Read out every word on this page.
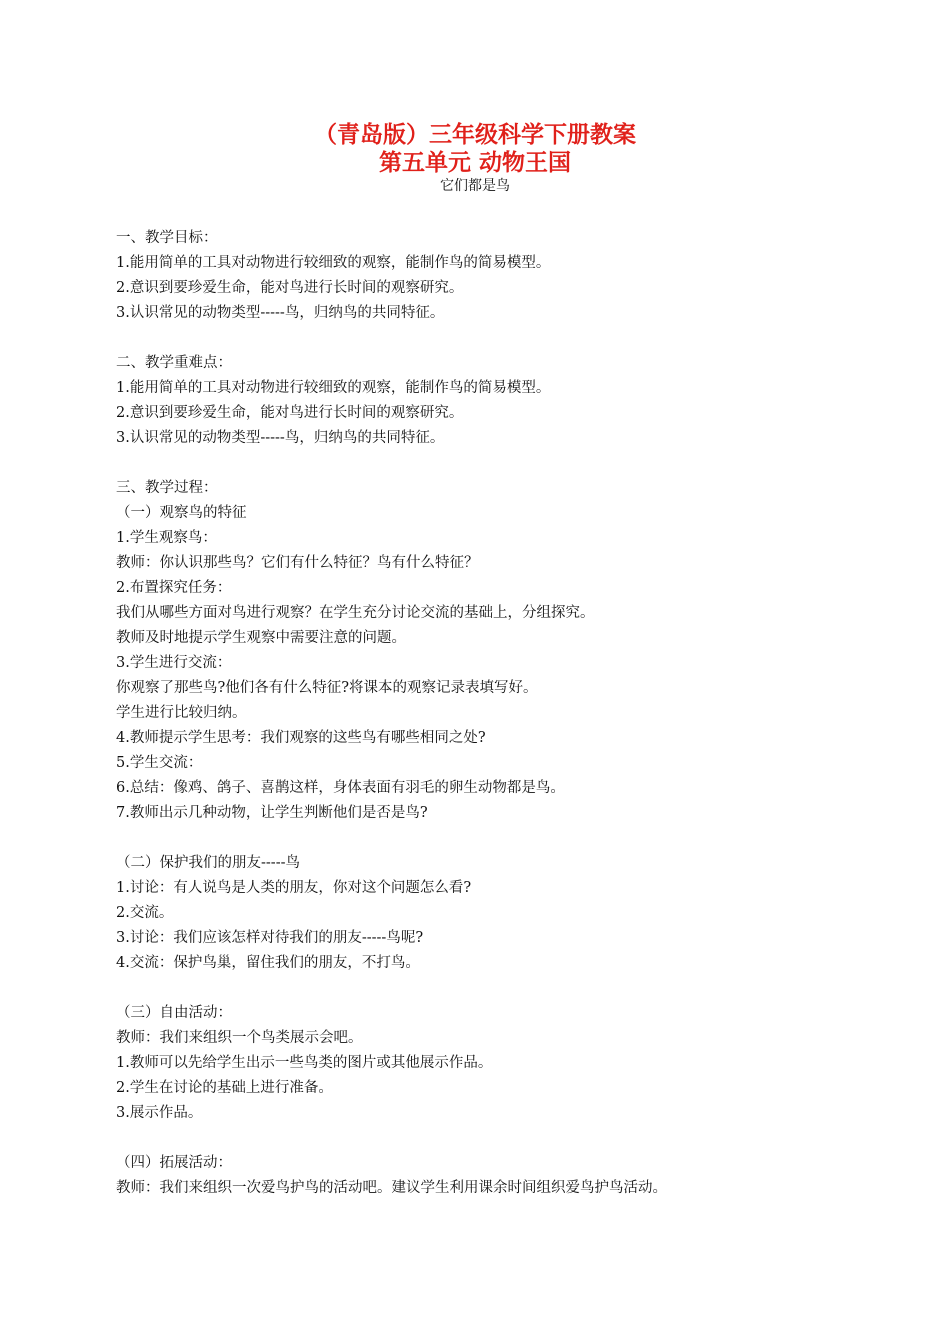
（青岛版）三年级科学下册教案
第五单元 动物王国
它们都是鸟
一、教学目标：
1.能用简单的工具对动物进行较细致的观察，能制作鸟的简易模型。
2.意识到要珍爱生命，能对鸟进行长时间的观察研究。
3.认识常见的动物类型-----鸟，归纳鸟的共同特征。
二、教学重难点：
1.能用简单的工具对动物进行较细致的观察，能制作鸟的简易模型。
2.意识到要珍爱生命，能对鸟进行长时间的观察研究。
3.认识常见的动物类型-----鸟，归纳鸟的共同特征。
三、教学过程：
（一）观察鸟的特征
1.学生观察鸟：
教师：你认识那些鸟？它们有什么特征？鸟有什么特征？
2.布置探究任务：
我们从哪些方面对鸟进行观察？在学生充分讨论交流的基础上，分组探究。
教师及时地提示学生观察中需要注意的问题。
3.学生进行交流：
你观察了那些鸟?他们各有什么特征?将课本的观察记录表填写好。
学生进行比较归纳。
4.教师提示学生思考：我们观察的这些鸟有哪些相同之处?
5.学生交流：
6.总结：像鸡、鸽子、喜鹊这样，身体表面有羽毛的卵生动物都是鸟。
7.教师出示几种动物，让学生判断他们是否是鸟?
（二）保护我们的朋友-----鸟
1.讨论：有人说鸟是人类的朋友，你对这个问题怎么看?
2.交流。
3.讨论：我们应该怎样对待我们的朋友-----鸟呢?
4.交流：保护鸟巢，留住我们的朋友，不打鸟。
（三）自由活动：
教师：我们来组织一个鸟类展示会吧。
1.教师可以先给学生出示一些鸟类的图片或其他展示作品。
2.学生在讨论的基础上进行准备。
3.展示作品。
（四）拓展活动：
教师：我们来组织一次爱鸟护鸟的活动吧。建议学生利用课余时间组织爱鸟护鸟活动。
